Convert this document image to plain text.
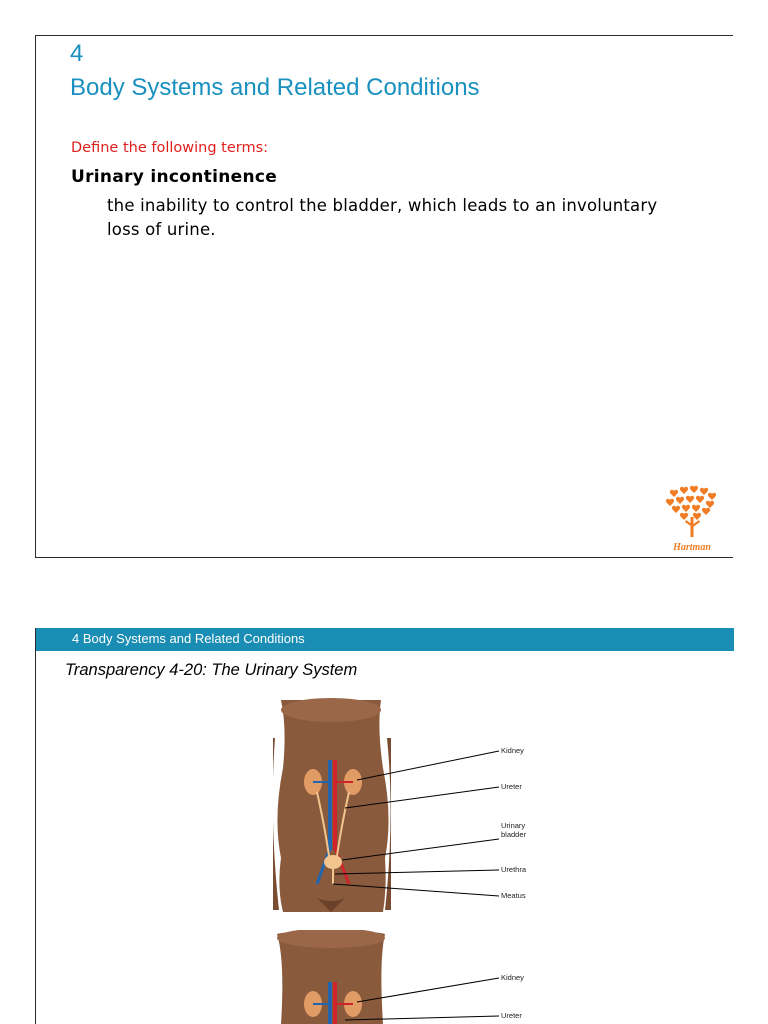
4
Body Systems and Related Conditions
Define the following terms:
Urinary incontinence
the inability to control the bladder, which leads to an involuntary loss of urine.
Hartman
4 Body Systems and Related Conditions
Transparency 4-20: The Urinary System
Kidney
Ureter
Urinary
bladder
Urethra
Meatus
Kidney
Ureter
